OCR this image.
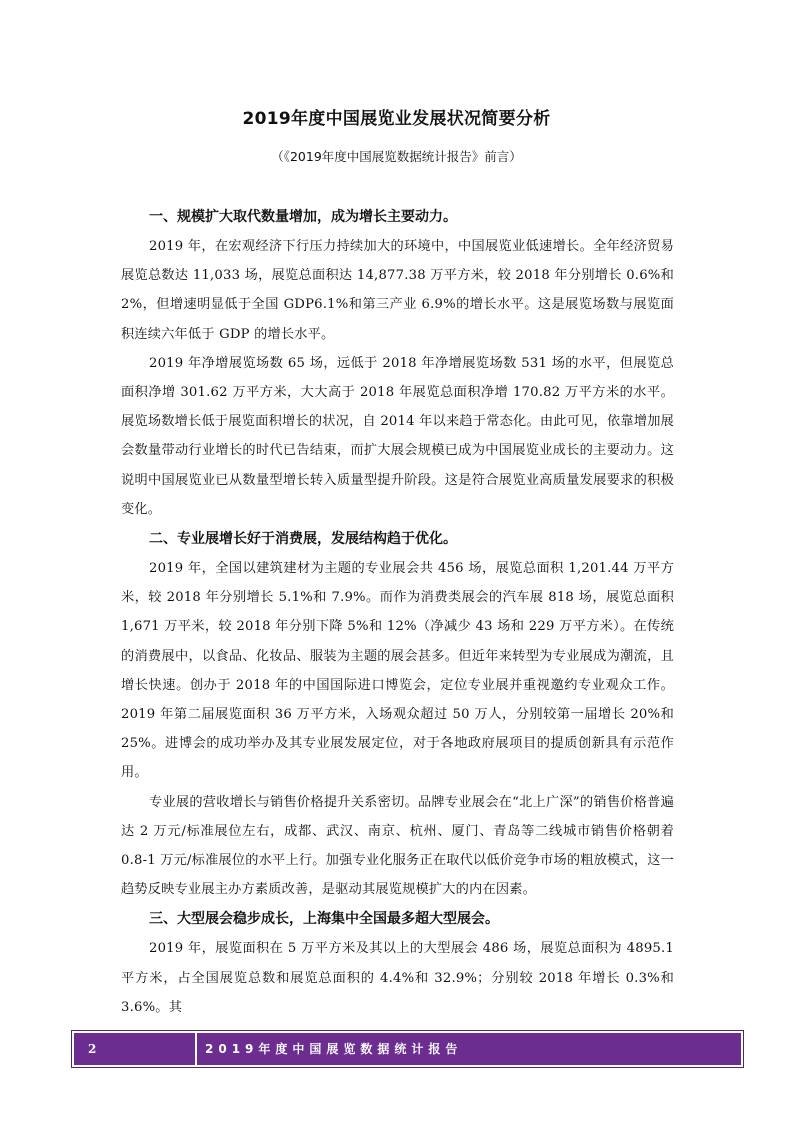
2019年度中国展览业发展状况简要分析
（《2019年度中国展览数据统计报告》前言）

一、规模扩大取代数量增加，成为增长主要动力。

2019 年，在宏观经济下行压力持续加大的环境中，中国展览业低速增长。全年经济贸易展览总数达 11,033 场，展览总面积达 14,877.38 万平方米，较 2018 年分别增长 0.6%和 2%，但增速明显低于全国 GDP6.1%和第三产业 6.9%的增长水平。这是展览场数与展览面积连续六年低于 GDP 的增长水平。

2019 年净增展览场数 65 场，远低于 2018 年净增展览场数 531 场的水平，但展览总面积净增 301.62 万平方米，大大高于 2018 年展览总面积净增 170.82 万平方米的水平。展览场数增长低于展览面积增长的状况，自 2014 年以来趋于常态化。由此可见，依靠增加展会数量带动行业增长的时代已告结束，而扩大展会规模已成为中国展览业成长的主要动力。这说明中国展览业已从数量型增长转入质量型提升阶段。这是符合展览业高质量发展要求的积极变化。

二、专业展增长好于消费展，发展结构趋于优化。

2019 年，全国以建筑建材为主题的专业展会共 456 场，展览总面积 1,201.44 万平方米，较 2018 年分别增长 5.1%和 7.9%。而作为消费类展会的汽车展 818 场，展览总面积 1,671 万平米，较 2018 年分别下降 5%和 12%（净减少 43 场和 229 万平方米）。在传统的消费展中，以食品、化妆品、服装为主题的展会甚多。但近年来转型为专业展成为潮流，且增长快速。创办于 2018 年的中国国际进口博览会，定位专业展并重视邀约专业观众工作。2019 年第二届展览面积 36 万平方米，入场观众超过 50 万人，分别较第一届增长 20%和 25%。进博会的成功举办及其专业展发展定位，对于各地政府展项目的提质创新具有示范作用。

专业展的营收增长与销售价格提升关系密切。品牌专业展会在“北上广深”的销售价格普遍达 2 万元/标准展位左右，成都、武汉、南京、杭州、厦门、青岛等二线城市销售价格朝着 0.8-1 万元/标准展位的水平上行。加强专业化服务正在取代以低价竞争市场的粗放模式，这一趋势反映专业展主办方素质改善，是驱动其展览规模扩大的内在因素。

三、大型展会稳步成长，上海集中全国最多超大型展会。

2019 年，展览面积在 5 万平方米及其以上的大型展会 486 场，展览总面积为 4895.1 平方米，占全国展览总数和展览总面积的 4.4%和 32.9%；分别较 2018 年增长 0.3%和 3.6%。其

2	2019年度中国展览数据统计报告
